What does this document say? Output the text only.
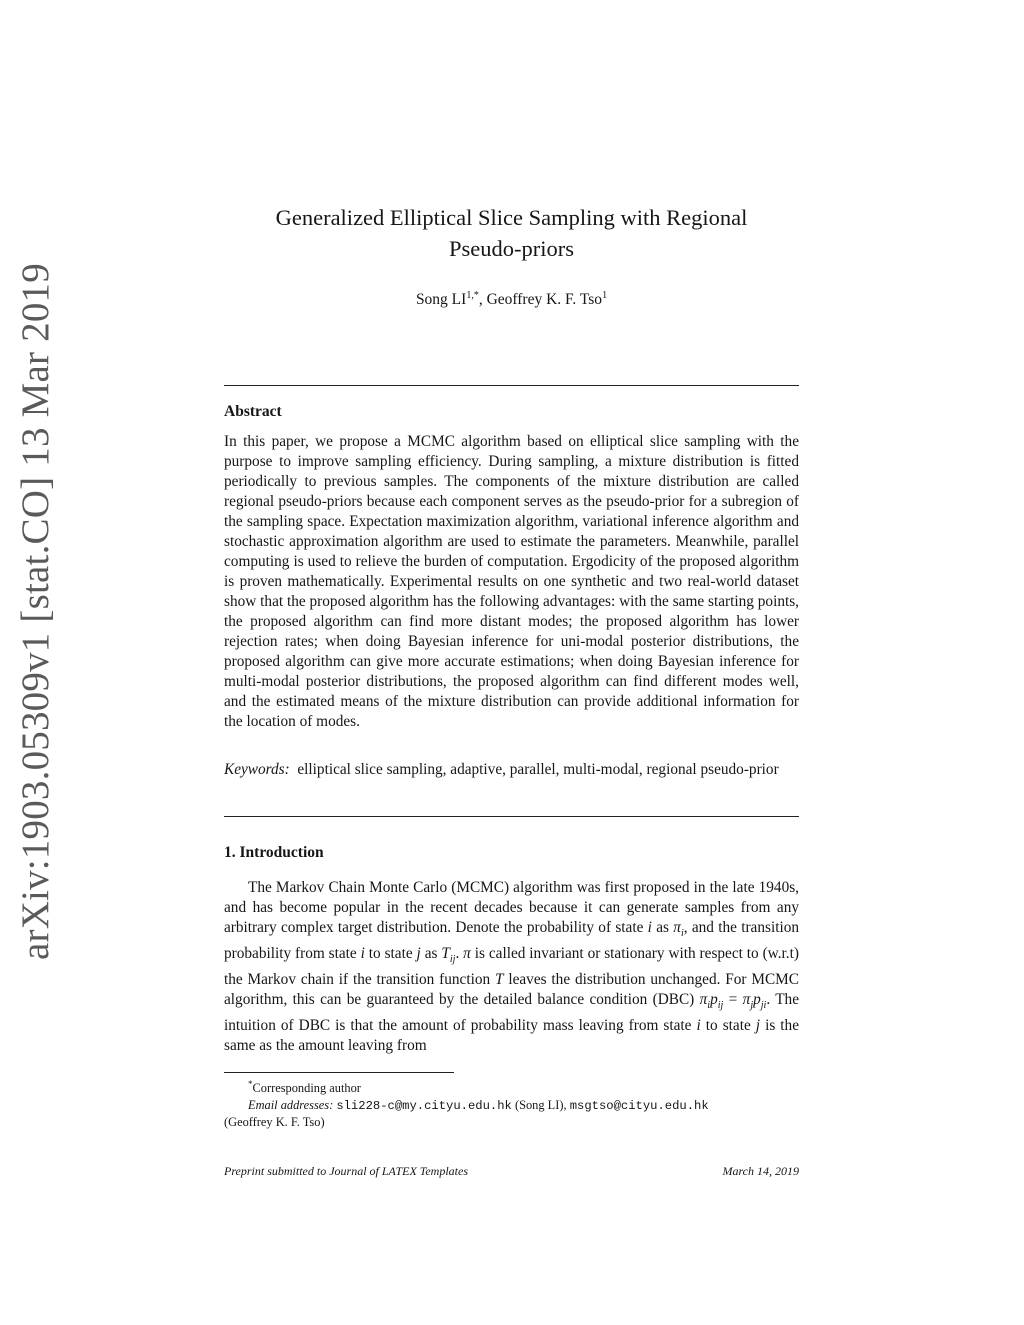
arXiv:1903.05309v1 [stat.CO] 13 Mar 2019
Generalized Elliptical Slice Sampling with Regional
Pseudo-priors
Song $LI^{1,*}$, Geoffrey K. F. Tso$^1$
Abstract

In this paper, we propose a MCMC algorithm based on elliptical slice sampling with the purpose to improve sampling efficiency. During sampling, a mixture distribution is fitted periodically to previous samples. The components of the mixture distribution are called regional pseudo-priors because each component serves as the pseudo-prior for a subregion of the sampling space. Expectation maximization algorithm, variational inference algorithm and stochastic approximation algorithm are used to estimate the parameters. Meanwhile, parallel computing is used to relieve the burden of computation. Ergodicity of the proposed algorithm is proven mathematically. Experimental results on one synthetic and two real-world dataset show that the proposed algorithm has the following advantages: with the same starting points, the proposed algorithm can find more distant modes; the proposed algorithm has lower rejection rates; when doing Bayesian inference for uni-modal posterior distributions, the proposed algorithm can give more accurate estimations; when doing Bayesian inference for multi-modal posterior distributions, the proposed algorithm can find different modes well, and the estimated means of the mixture distribution can provide additional information for the location of modes.

Keywords: elliptical slice sampling, adaptive, parallel, multi-modal, regional pseudo-prior
1. Introduction

The Markov Chain Monte Carlo (MCMC) algorithm was first proposed in the late 1940s, and has become popular in the recent decades because it can generate samples from any arbitrary complex target distribution. Denote the probability of state i as $\pi_i$, and the transition probability from state i to state j as $T_{ij}$. π is called invariant or stationary with respect to (w.r.t) the Markov chain if the transition function T leaves the distribution unchanged. For MCMC algorithm, this can be guaranteed by the detailed balance condition (DBC) $\pi_ip_{ij} = \pi_jp_{ji}$. The intuition of DBC is that the amount of probability mass leaving from state i to state j is the same as the amount leaving from

*Corresponding author
Email addresses: sli228-c@my.cityu.edu.hk (Song LI), msgtso@cityu.edu.hk
(Geoffrey K. F. Tso)
Preprint submitted to Journal of LATEX Templates	March 14, 2019
